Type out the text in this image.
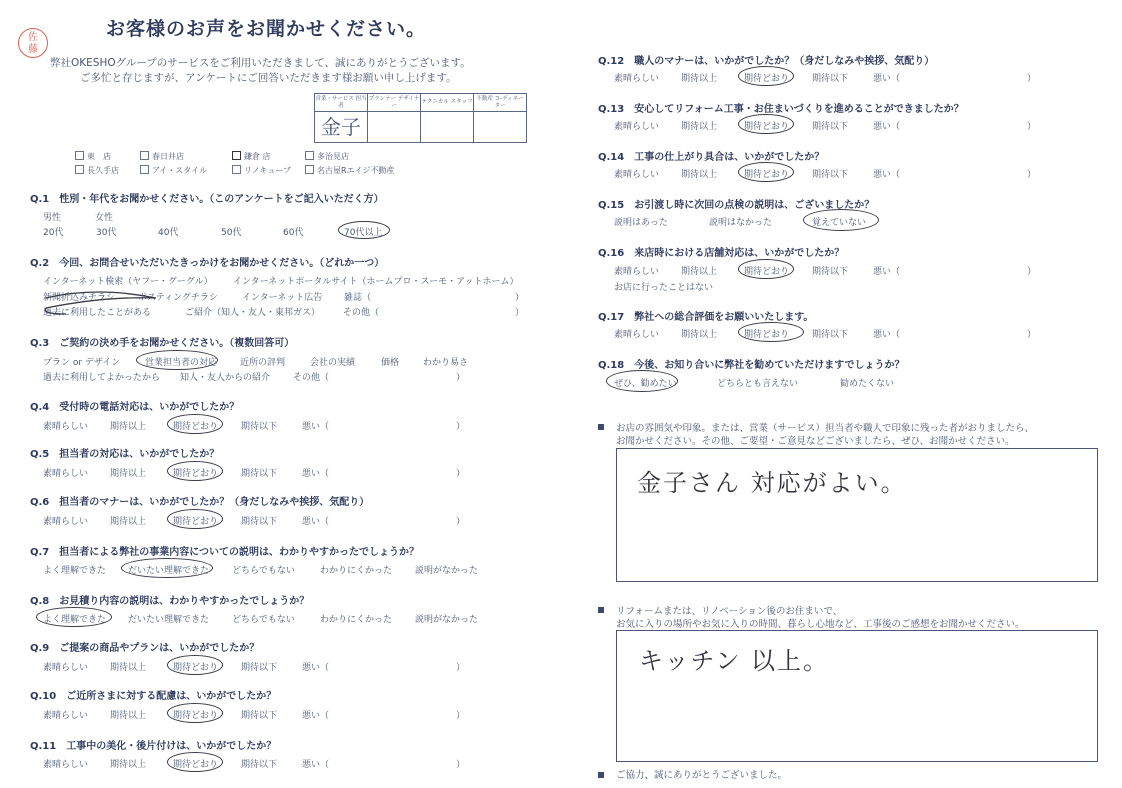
佐
藤
お客様のお声をお聞かせください。
弊社OKESHOグループのサービスをご利用いただきまして、誠にありがとうございます。
ご多忙と存じますが、アンケートにご回答いただきます様お願い申し上げます。
営業・サービス 担当者	プランナー デザイナー	テクニカル スタッフ	不動産 コ-ディネーター
金子			
東　店	春日井店	鎌倉 店	多治見店
長久手店	アイ・スタイル	リノキューブ	名古屋Rエイジ不動産
Q.1　性別・年代をお聞かせください。（このアンケートをご記入いただく方）
男性	女性
20代	30代	40代	50代	60代	70代以上
Q.2　今回、お問合せいただいたきっかけをお聞かせください。（どれか一つ）
インターネット検索（ヤフー・グーグル） インターネットポータルサイト（ホームプロ・スーモ・アットホーム）
新聞折込みチラシ	ポスティングチラシ	インターネット広告 雑誌（	）
過去に利用したことがある	ご紹介（知人・友人・東邦ガス）	その他（	）
Q.3　ご契約の決め手をお聞かせください。（複数回答可）
プラン or デザイン	営業担当者の対応	近所の評判	会社の実績	価格	わかり易さ
過去に利用してよかったから 知人・友人からの紹介	その他（	）
Q.4　受付時の電話対応は、いかがでしたか？
素晴らしい 期待以上	期待どおり	期待以下	悪い（	）
Q.5　担当者の対応は、いかがでしたか？
素晴らしい 期待以上	期待どおり	期待以下	悪い（	）
Q.6　担当者のマナーは、いかがでしたか？（身だしなみや挨拶、気配り）
素晴らしい 期待以上	期待どおり	期待以下	悪い（	）
Q.7　担当者による弊社の事業内容についての説明は、わかりやすかったでしょうか？
よく理解できた だいたい理解できた	どちらでもない	わかりにくかった	説明がなかった
Q.8　お見積り内容の説明は、わかりやすかったでしょうか？
よく理解できた だいたい理解できた	どちらでもない	わかりにくかった	説明がなかった
Q.9　ご提案の商品やプランは、いかがでしたか？
素晴らしい 期待以上	期待どおり	期待以下	悪い（	）
Q.10　ご近所さまに対する配慮は、いかがでしたか？
素晴らしい 期待以上	期待どおり	期待以下	悪い（	）
Q.11　工事中の美化・後片付けは、いかがでしたか？
素晴らしい 期待以上	期待どおり	期待以下	悪い（	）
Q.12　職人のマナーは、いかがでしたか？（身だしなみや挨拶、気配り）
素晴らしい 期待以上	期待どおり	期待以下	悪い（	）
Q.13　安心してリフォーム工事・お住まいづくりを進めることができましたか？
素晴らしい 期待以上	期待どおり	期待以下	悪い（	）
Q.14　工事の仕上がり具合は、いかがでしたか？
素晴らしい 期待以上	期待どおり	期待以下	悪い（	）
Q.15　お引渡し時に次回の点検の説明は、ございましたか？
説明はあった	説明はなかった	覚えていない
Q.16　来店時における店舗対応は、いかがでしたか？
素晴らしい 期待以上	期待どおり	期待以下	悪い（	）
お店に行ったことはない
Q.17　弊社への総合評価をお願いいたします。
素晴らしい 期待以上	期待どおり	期待以下	悪い（	）
Q.18　今後、お知り合いに弊社を勧めていただけますでしょうか？
ぜひ、勧めたい	どちらとも言えない	勧めたくない
お店の雰囲気や印象。または、営業（サービス）担当者や職人で印象に残った者がおりましたら、
お聞かせください。その他、ご要望・ご意見などございましたら、ぜひ、お聞かせください。
金子さん 対応がよい。
リフォームまたは、リノベーション後のお住まいで、
お気に入りの場所やお気に入りの時間、暮らし心地など、工事後のご感想をお聞かせください。
キッチン 以上。
ご協力、誠にありがとうございました。
